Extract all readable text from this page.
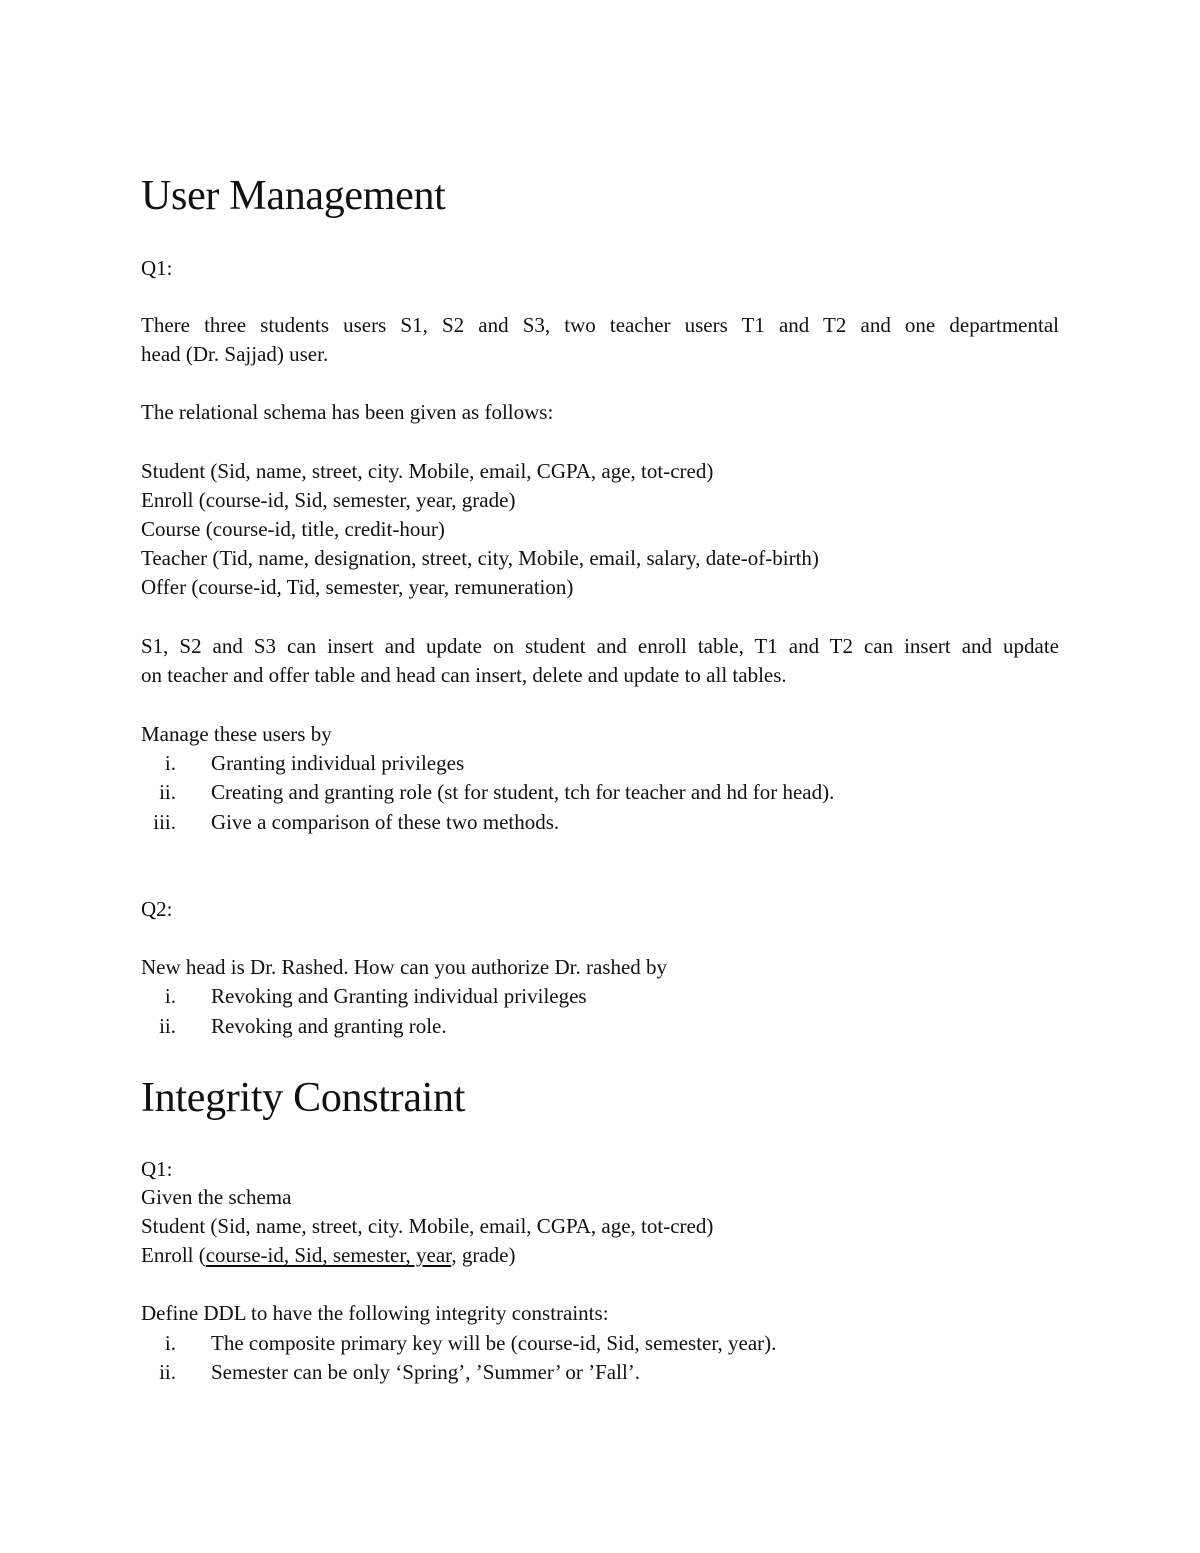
User Management
Q1:
There three students users S1, S2 and S3, two teacher users T1 and T2 and one departmental
head (Dr. Sajjad) user.
The relational schema has been given as follows:
Student (Sid, name, street, city. Mobile, email, CGPA, age, tot-cred)
Enroll (course-id, Sid, semester, year, grade)
Course (course-id, title, credit-hour)
Teacher (Tid, name, designation, street, city, Mobile, email, salary, date-of-birth)
Offer (course-id, Tid, semester, year, remuneration)
S1, S2 and S3 can insert and update on student and enroll table, T1 and T2 can insert and update
on teacher and offer table and head can insert, delete and update to all tables.
Manage these users by
i. Granting individual privileges
ii. Creating and granting role (st for student, tch for teacher and hd for head).
iii. Give a comparison of these two methods.
Q2:
New head is Dr. Rashed. How can you authorize Dr. rashed by
i. Revoking and Granting individual privileges
ii. Revoking and granting role.
Integrity Constraint
Q1:
Given the schema
Student (Sid, name, street, city. Mobile, email, CGPA, age, tot-cred)
Enroll (course-id, Sid, semester, year, grade)
Define DDL to have the following integrity constraints:
i. The composite primary key will be (course-id, Sid, semester, year).
ii. Semester can be only ‘Spring’, ’Summer’ or ’Fall’.
